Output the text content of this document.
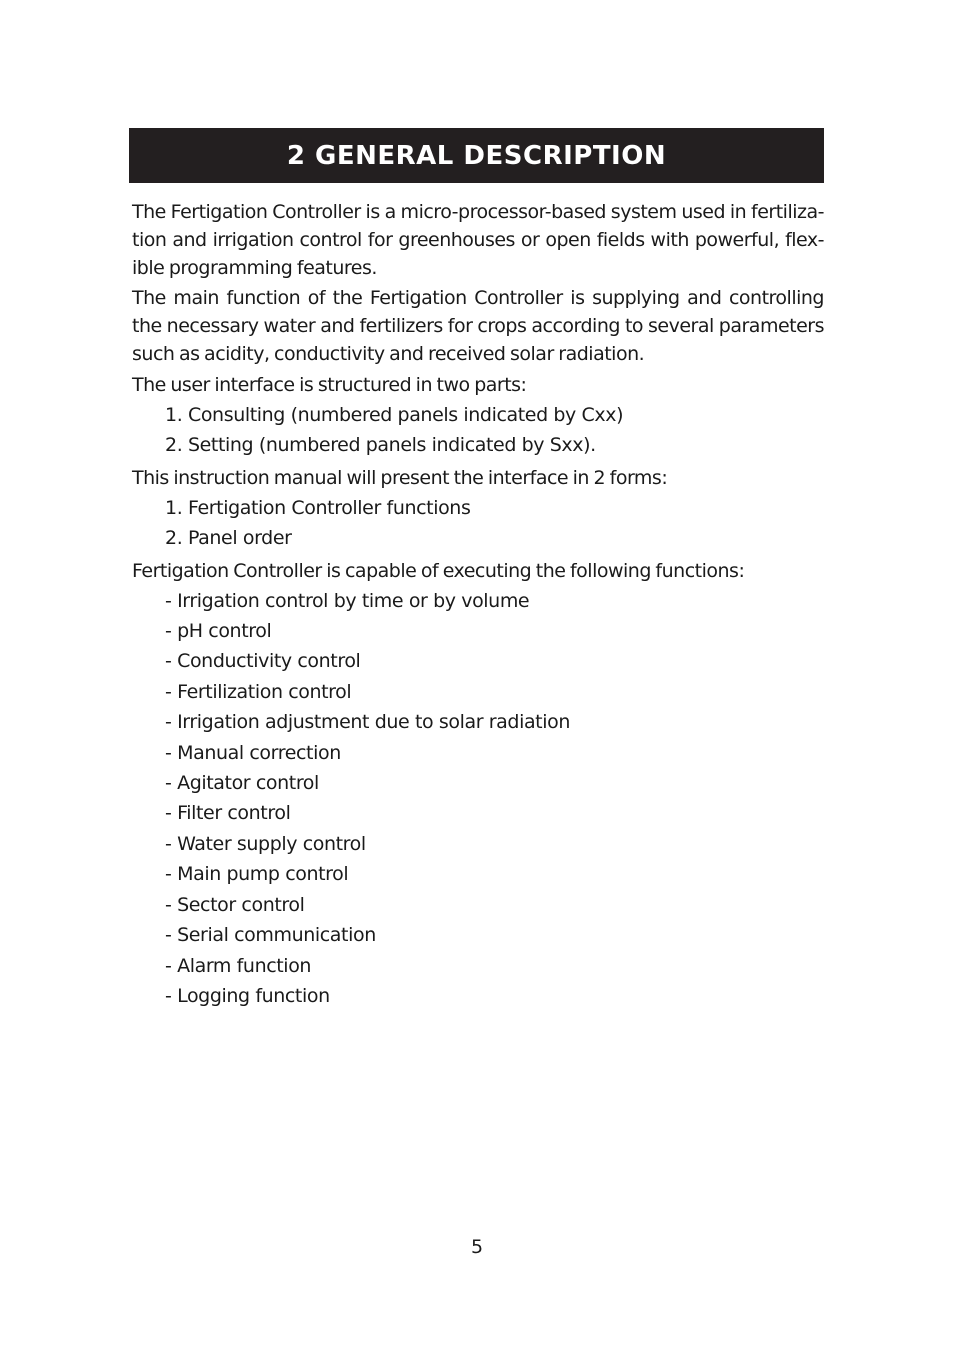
2 GENERAL DESCRIPTION

The Fertigation Controller is a micro-processor-based system used in fertiliza-tion and irrigation control for greenhouses or open fields with powerful, flex-ible programming features.

The main function of the Fertigation Controller is supplying and controlling the necessary water and fertilizers for crops according to several parameters such as acidity, conductivity and received solar radiation.

The user interface is structured in two parts:

1. Consulting (numbered panels indicated by Cxx)

2. Setting (numbered panels indicated by Sxx).

This instruction manual will present the interface in 2 forms:

1. Fertigation Controller functions

2. Panel order

Fertigation Controller is capable of executing the following functions:

- Irrigation control by time or by volume

- pH control

- Conductivity control

- Fertilization control

- Irrigation adjustment due to solar radiation

- Manual correction

- Agitator control

- Filter control

- Water supply control

- Main pump control

- Sector control

- Serial communication

- Alarm function

- Logging function

5
